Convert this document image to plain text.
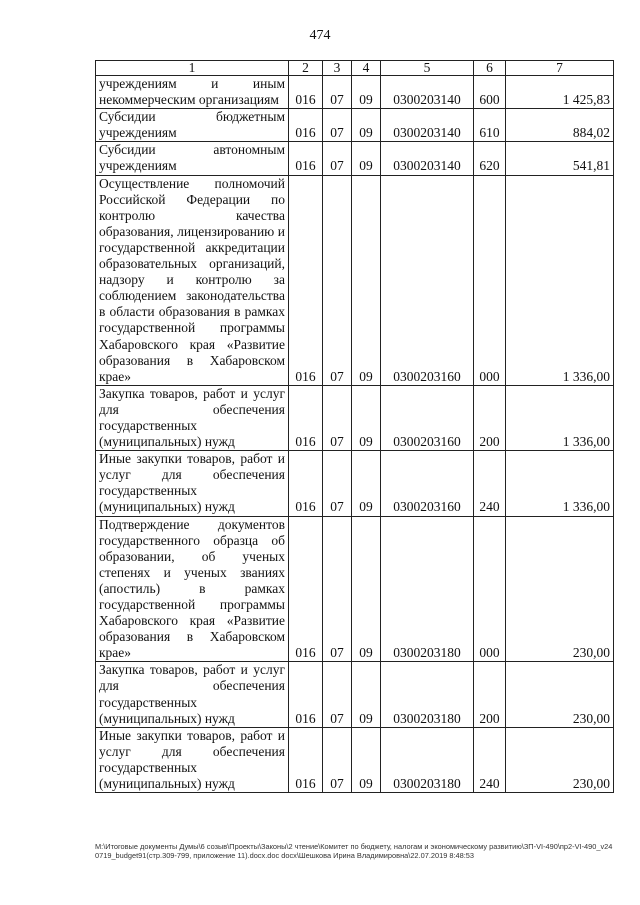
474
1	2	3	4	5	6	7
учреждениям и иным некоммерческим организациям	016	07	09	0300203140	600	1 425,83
Субсидии бюджетным учреждениям	016	07	09	0300203140	610	884,02
Субсидии автономным учреждениям	016	07	09	0300203140	620	541,81
Осуществление полномочий Российской Федерации по контролю качества образования, лицензированию и государственной аккредитации образовательных организаций, надзору и контролю за соблюдением законодательства в области образования в рамках государственной программы Хабаровского края «Развитие образования в Хабаровском крае»	016	07	09	0300203160	000	1 336,00
Закупка товаров, работ и услуг для обеспечения государственных (муниципальных) нужд	016	07	09	0300203160	200	1 336,00
Иные закупки товаров, работ и услуг для обеспечения государственных (муниципальных) нужд	016	07	09	0300203160	240	1 336,00
Подтверждение документов государственного образца об образовании, об ученых степенях и ученых званиях (апостиль) в рамках государственной программы Хабаровского края «Развитие образования в Хабаровском крае»	016	07	09	0300203180	000	230,00
Закупка товаров, работ и услуг для обеспечения государственных (муниципальных) нужд	016	07	09	0300203180	200	230,00
Иные закупки товаров, работ и услуг для обеспечения государственных (муниципальных) нужд	016	07	09	0300203180	240	230,00
M:\Итоговые документы Думы\6 созыв\Проекты\Законы\2 чтение\Комитет по бюджету, налогам и экономическому развитию\ЗП-VI-490\пр2-VI-490_v240719_budget91(стр.309-799, приложение 11).docx.doc docx\Шешкова Ирина Владимировна\22.07.2019 8:48:53
